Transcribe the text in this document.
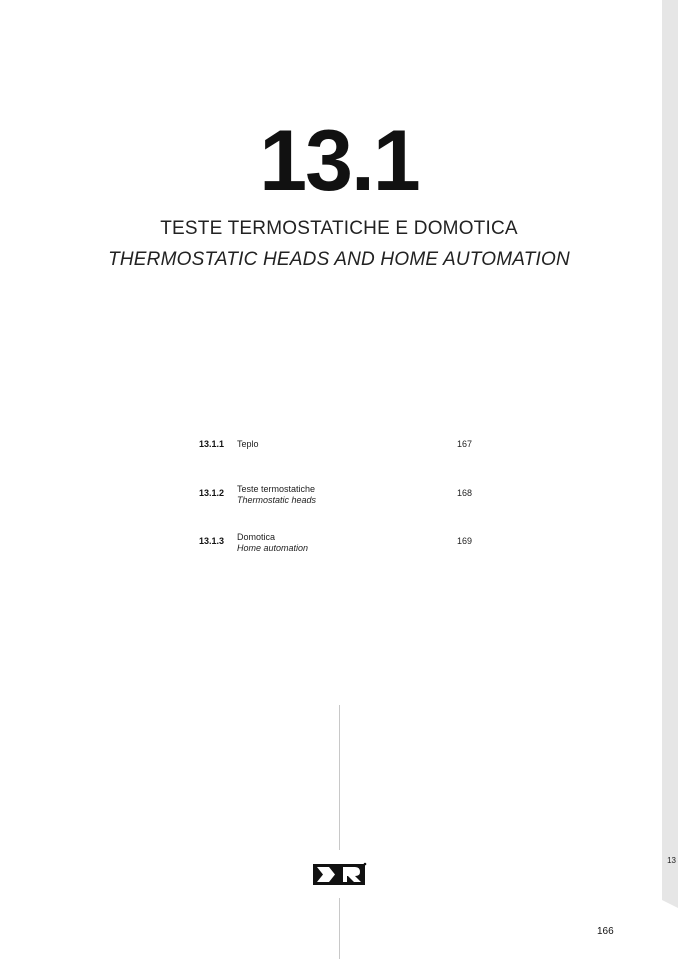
13
13.1
TESTE TERMOSTATICHE E DOMOTICA
THERMOSTATIC HEADS AND HOME AUTOMATION
13.1.1 Teplo	167
13.1.2 Teste termostatiche
Thermostatic heads
168
13.1.3 Domotica
Home automation
169
166
